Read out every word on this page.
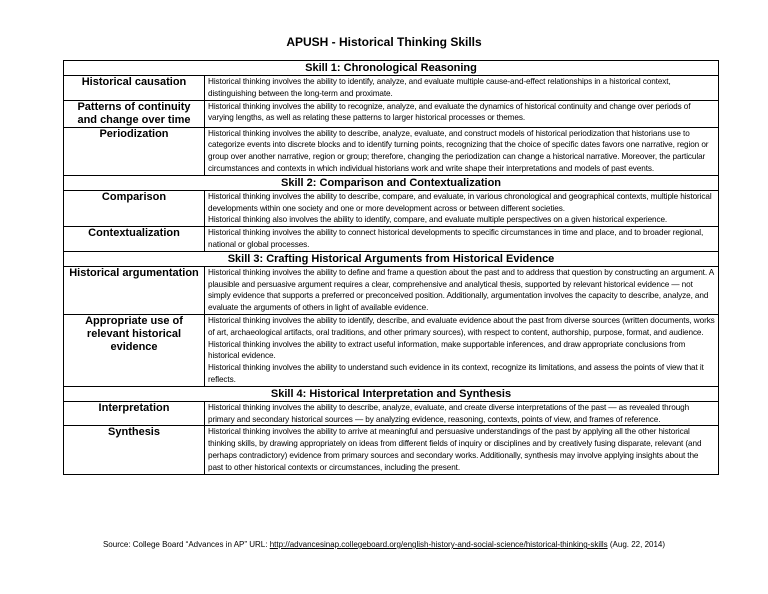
APUSH - Historical Thinking Skills
Skill 1: Chronological Reasoning	
Historical causation	Historical thinking involves the ability to identify, analyze, and evaluate multiple cause-and-effect relationships in a historical context, distinguishing between the long-term and proximate.

Patterns of continuity and change over time	Historical thinking involves the ability to recognize, analyze, and evaluate the dynamics of historical continuity and change over periods of varying lengths, as well as relating these patterns to larger historical processes or themes.

Periodization	Historical thinking involves the ability to describe, analyze, evaluate, and construct models of historical periodization that historians use to categorize events into discrete blocks and to identify turning points, recognizing that the choice of specific dates favors one narrative, region or group over another narrative, region or group; therefore, changing the periodization can change a historical narrative. Moreover, the particular circumstances and contexts in which individual historians work and write shape their interpretations and models of past events.

Skill 2: Comparison and Contextualization	
Comparison	Historical thinking involves the ability to describe, compare, and evaluate, in various chronological and geographical contexts, multiple historical developments within one society and one or more development across or between different societies.
Historical thinking also involves the ability to identify, compare, and evaluate multiple perspectives on a given historical experience.

Contextualization	Historical thinking involves the ability to connect historical developments to specific circumstances in time and place, and to broader regional, national or global processes.

Skill 3: Crafting Historical Arguments from Historical Evidence	
Historical argumentation	Historical thinking involves the ability to define and frame a question about the past and to address that question by constructing an argument. A plausible and persuasive argument requires a clear, comprehensive and analytical thesis, supported by relevant historical evidence — not simply evidence that supports a preferred or preconceived position. Additionally, argumentation involves the capacity to describe, analyze, and evaluate the arguments of others in light of available evidence.

Appropriate use of relevant historical evidence	Historical thinking involves the ability to identify, describe, and evaluate evidence about the past from diverse sources (written documents, works of art, archaeological artifacts, oral traditions, and other primary sources), with respect to content, authorship, purpose, format, and audience.
Historical thinking involves the ability to extract useful information, make supportable inferences, and draw appropriate conclusions from historical evidence.
Historical thinking involves the ability to understand such evidence in its context, recognize its limitations, and assess the points of view that it reflects.

Skill 4: Historical Interpretation and Synthesis	
Interpretation	Historical thinking involves the ability to describe, analyze, evaluate, and create diverse interpretations of the past — as revealed through primary and secondary historical sources — by analyzing evidence, reasoning, contexts, points of view, and frames of reference.

Synthesis	Historical thinking involves the ability to arrive at meaningful and persuasive understandings of the past by applying all the other historical thinking skills, by drawing appropriately on ideas from different fields of inquiry or disciplines and by creatively fusing disparate, relevant (and perhaps contradictory) evidence from primary sources and secondary works. Additionally, synthesis may involve applying insights about the past to other historical contexts or circumstances, including the present.
Source: College Board “Advances in AP” URL: http://advancesinap.collegeboard.org/english-history-and-social-science/historical-thinking-skills (Aug. 22, 2014)
